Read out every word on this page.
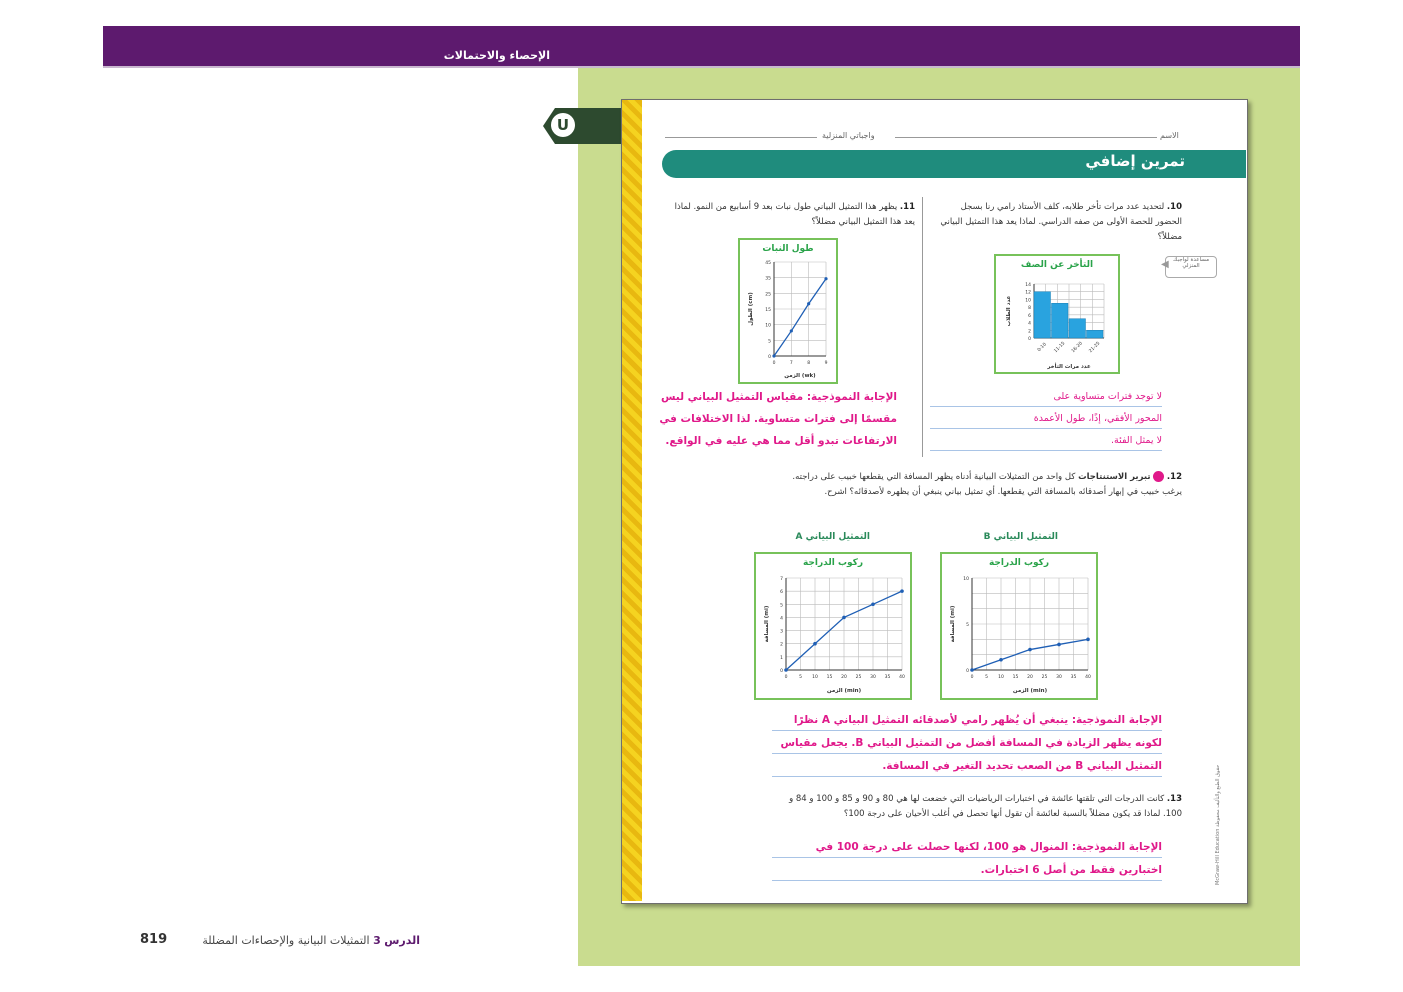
الإحصاء والاحتمالات
U
الاسم
واجباتي المنزلية
تمرين إضافي
10. لتحديد عدد مرات تأخر طلابه، كلف الأستاذ رامي رنا بسجل الحضور للحصة الأولى من صفه الدراسي. لماذا يعد هذا التمثيل البياني مضللاً؟
مساعدة لواجبك المنزلي
◀
التأخر عن الصف
0
2
4
6
8
10
12
14
0-10 11-15 16-20 21-25
عدد مرات التأخر
عدد الطلاب
لا توجد فترات متساوية على
المحور الأفقي، إذًا، طول الأعمدة
لا يمثل الفئة.
11. يظهر هذا التمثيل البياني طول نبات بعد 9 أسابيع من النمو. لماذا يعد هذا التمثيل البياني مضللاً؟
طول النبات
0
5
10
15
25
35
45
0	7	8	9
الزمن (wk)
الطول (cm)
الإجابة النموذجية: مقياس التمثيل البياني ليس
مقسمًا إلى فترات متساوية. لذا الاختلافات في
الارتفاعات تبدو أقل مما هي عليه في الواقع.
12.  تبرير الاستنتاجات كل واحد من التمثيلات البيانية أدناه يظهر المسافة التي يقطعها خبيب على دراجته. يرغب خبيب في إبهار أصدقائه بالمسافة التي يقطعها. أي تمثيل بياني ينبغي أن يظهره لأصدقائه؟ اشرح.
التمثيل البياني B
التمثيل البياني A
ركوب الدراجة
0
1
2
3
4
5
6
7
0	5 10 15 20 25 30 35 40
الزمن (min)
المسافة (mi)
ركوب الدراجة
0
5
10
0	5 10 15 20 25 30 35 40
الزمن (min)
المسافة (mi)
الإجابة النموذجية: ينبغي أن يُظهر رامي لأصدقائه التمثيل البياني A نظرًا
لكونه يظهر الزيادة في المسافة أفضل من التمثيل البياني B. يجعل مقياس
التمثيل البياني B من الصعب تحديد التغير في المسافة.
13. كانت الدرجات التي تلقتها عائشة في اختبارات الرياضيات التي خضعت لها هي 80 و 90 و 85 و 100 و 84 و 100. لماذا قد يكون مضللاً بالنسبة لعائشة أن تقول أنها تحصل في أغلب الأحيان على درجة 100؟
الإجابة النموذجية: المنوال هو 100، لكنها حصلت على درجة 100 في
اختبارين فقط من أصل 6 اختبارات.	McGraw-Hill Education حقوق الطبع والتأليف محفوظة
الدرس 3 التمثيلات البيانية والإحصاءات المضللة
819
